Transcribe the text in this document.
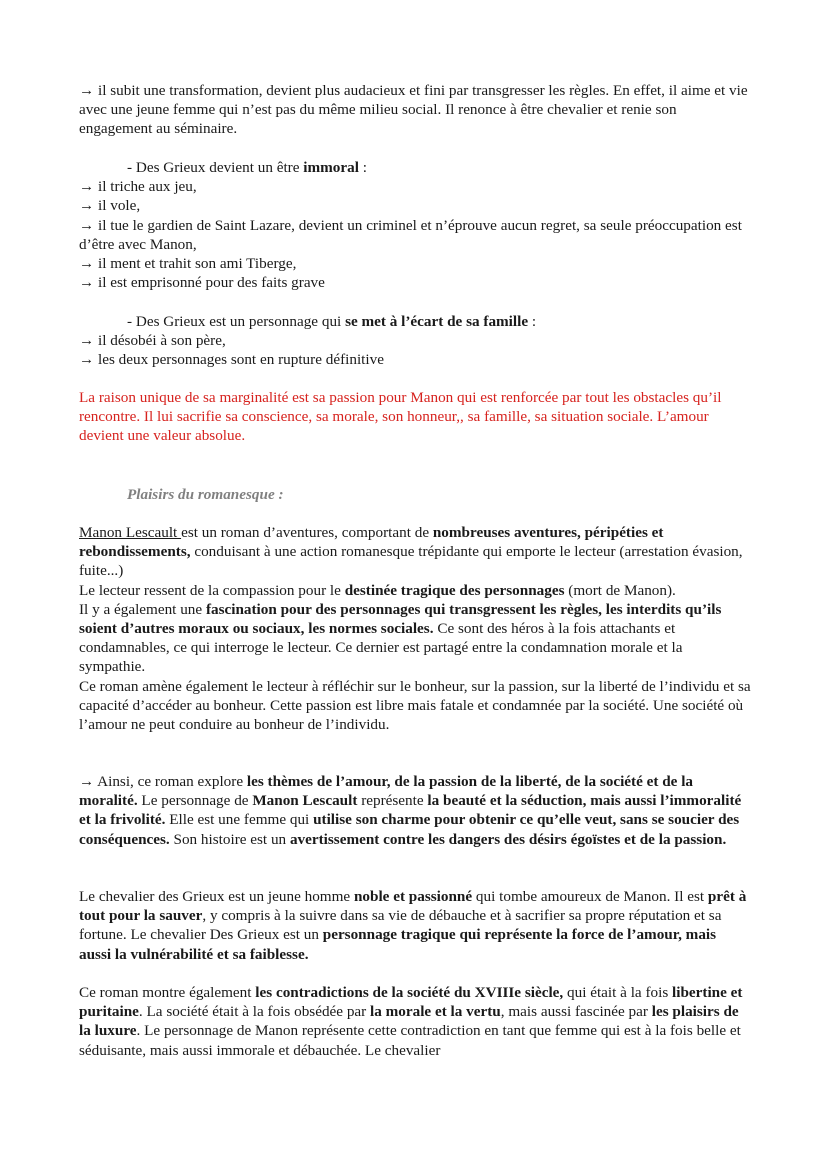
→ il subit une transformation, devient plus audacieux et fini par transgresser les règles. En effet, il aime et vie avec une jeune femme qui n’est pas du même milieu social. Il renonce à être chevalier et renie son engagement au séminaire.

- Des Grieux devient un être immoral :
→ il triche aux jeu,
→ il vole,
→ il tue le gardien de Saint Lazare, devient un criminel et n’éprouve aucun regret, sa seule préoccupation est d’être avec Manon,
→ il ment et trahit son ami Tiberge,
→ il est emprisonné pour des faits grave
- Des Grieux est un personnage qui se met à l’écart de sa famille :
→ il désobéi à son père,
→ les deux personnages sont en rupture définitive

La raison unique de sa marginalité est sa passion pour Manon qui est renforcée par tout les obstacles qu’il rencontre. Il lui sacrifie sa conscience, sa morale, son honneur,, sa famille, sa situation sociale. L’amour devient une valeur absolue.

Plaisirs du romanesque :

Manon Lescault est un roman d’aventures, comportant de nombreuses aventures, péripéties et rebondissements, conduisant à une action romanesque trépidante qui emporte le lecteur (arrestation évasion, fuite...)
Le lecteur ressent de la compassion pour le destinée tragique des personnages (mort de Manon).
Il y a également une fascination pour des personnages qui transgressent les règles, les interdits qu’ils soient d’autres moraux ou sociaux, les normes sociales. Ce sont des héros à la fois attachants et condamnables, ce qui interroge le lecteur. Ce dernier est partagé entre la condamnation morale et la sympathie.
Ce roman amène également le lecteur à réfléchir sur le bonheur, sur la passion, sur la liberté de l’individu et sa capacité d’accéder au bonheur. Cette passion est libre mais fatale et condamnée par la société. Une société où l’amour ne peut conduire au bonheur de l’individu.

→ Ainsi, ce roman explore les thèmes de l’amour, de la passion de la liberté, de la société et de la moralité. Le personnage de Manon Lescault représente la beauté et la séduction, mais aussi l’immoralité et la frivolité. Elle est une femme qui utilise son charme pour obtenir ce qu’elle veut, sans se soucier des conséquences. Son histoire est un avertissement contre les dangers des désirs égoïstes et de la passion.

Le chevalier des Grieux est un jeune homme noble et passionné qui tombe amoureux de Manon. Il est prêt à tout pour la sauver, y compris à la suivre dans sa vie de débauche et à sacrifier sa propre réputation et sa fortune. Le chevalier Des Grieux est un personnage tragique qui représente la force de l’amour, mais aussi la vulnérabilité et sa faiblesse.

Ce roman montre également les contradictions de la société du XVIIIe siècle, qui était à la fois libertine et puritaine. La société était à la fois obsédée par la morale et la vertu, mais aussi fascinée par les plaisirs de la luxure. Le personnage de Manon représente cette contradiction en tant que femme qui est à la fois belle et séduisante, mais aussi immorale et débauchée. Le chevalier
